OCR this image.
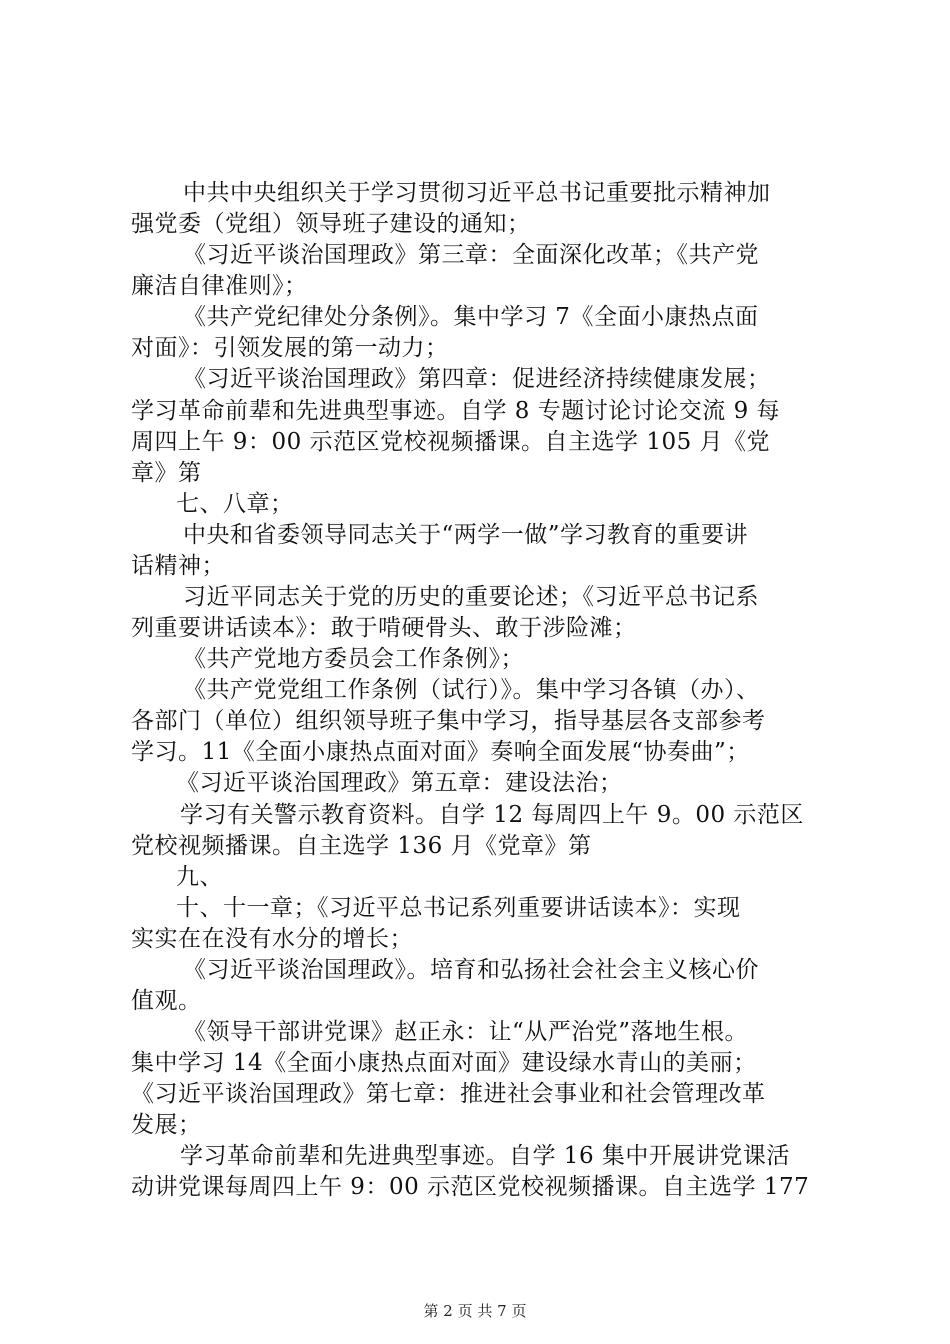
中共中央组织关于学习贯彻习近平总书记重要批示精神加
强党委（党组）领导班子建设的通知；
《习近平谈治国理政》第三章：全面深化改革；《共产党
廉洁自律准则》；
《共产党纪律处分条例》。集中学习 7《全面小康热点面
对面》：引领发展的第一动力；
《习近平谈治国理政》第四章：促进经济持续健康发展；
学习革命前辈和先进典型事迹。自学 8 专题讨论讨论交流 9 每
周四上午 9：00 示范区党校视频播课。自主选学 105 月《党
章》第
七、八章；
中央和省委领导同志关于“两学一做”学习教育的重要讲
话精神；
习近平同志关于党的历史的重要论述；《习近平总书记系
列重要讲话读本》：敢于啃硬骨头、敢于涉险滩；
《共产党地方委员会工作条例》；
《共产党党组工作条例（试行）》。集中学习各镇（办）、
各部门（单位）组织领导班子集中学习，指导基层各支部参考
学习。11《全面小康热点面对面》奏响全面发展“协奏曲”；
《习近平谈治国理政》第五章：建设法治；
学习有关警示教育资料。自学 12 每周四上午 9。00 示范区
党校视频播课。自主选学 136 月《党章》第
九、
十、十一章；《习近平总书记系列重要讲话读本》：实现
实实在在没有水分的增长；
《习近平谈治国理政》。培育和弘扬社会社会主义核心价
值观。
《领导干部讲党课》赵正永：让“从严治党”落地生根。
集中学习 14《全面小康热点面对面》建设绿水青山的美丽；
《习近平谈治国理政》第七章：推进社会事业和社会管理改革
发展；
学习革命前辈和先进典型事迹。自学 16 集中开展讲党课活
动讲党课每周四上午 9：00 示范区党校视频播课。自主选学 177
第 2 页 共 7 页
